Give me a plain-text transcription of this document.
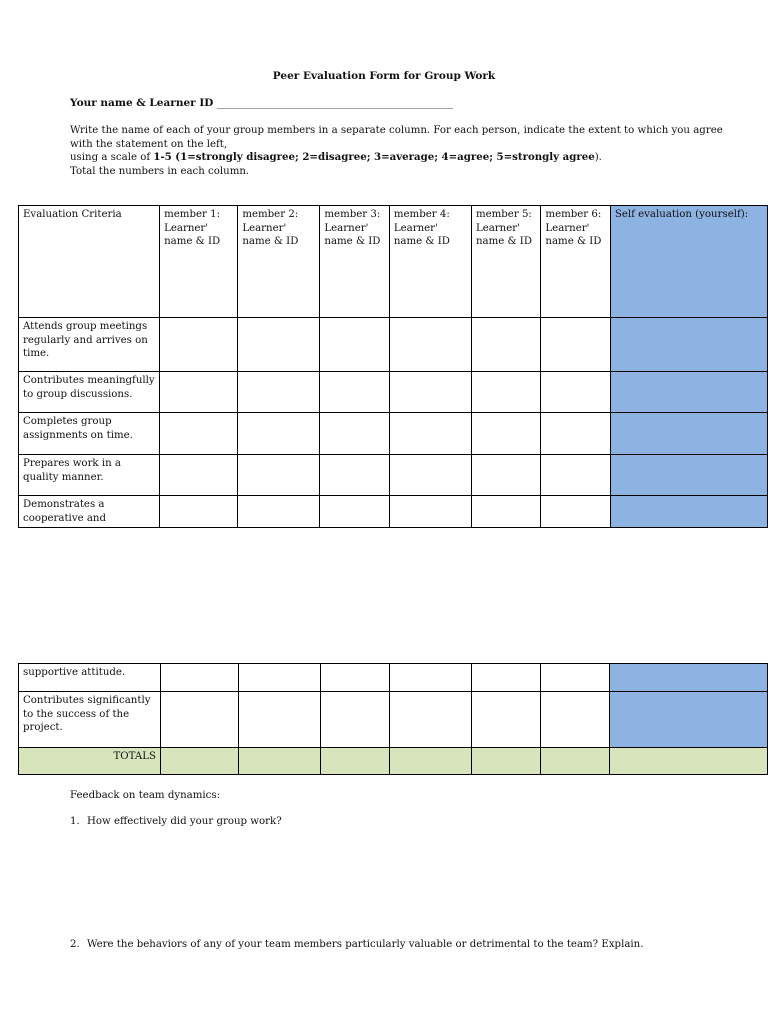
Peer Evaluation Form for Group Work
Your name & Learner ID _____________________________________________
Write the name of each of your group members in a separate column. For each person, indicate the extent to which you agree with the statement on the left,
using a scale of 1-5 (1=strongly disagree; 2=disagree; 3=average; 4=agree; 5=strongly agree).
Total the numbers in each column.
Evaluation Criteria	member 1: Learner' name & ID	member 2: Learner' name & ID	member 3: Learner' name & ID	member 4: Learner' name & ID	member 5: Learner' name & ID	member 6: Learner' name & ID	Self evaluation (yourself):
Attends group meetings regularly and arrives on time.							
Contributes meaningfully to group discussions.							
Completes group assignments on time.							
Prepares work in a quality manner.							
Demonstrates a cooperative and							
supportive attitude.							
Contributes significantly to the success of the project.							
TOTALS							
Feedback on team dynamics:
1. How effectively did your group work?
2. Were the behaviors of any of your team members particularly valuable or detrimental to the team? Explain.
